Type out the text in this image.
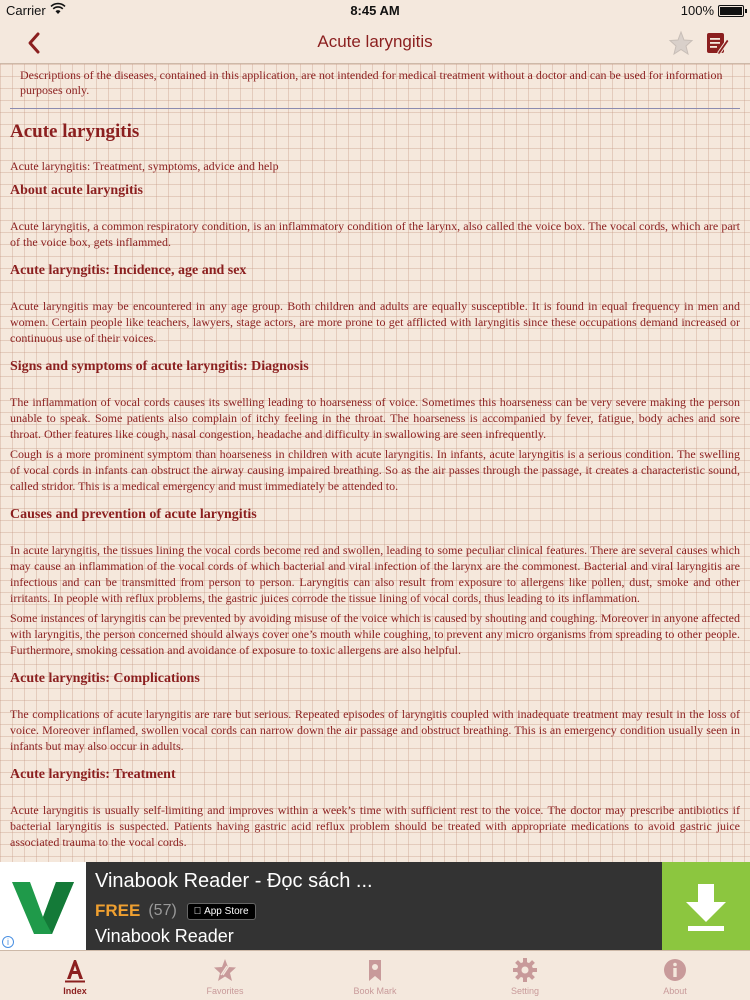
Carrier	8:45 AM	100%
Acute laryngitis

Descriptions of the diseases, contained in this application, are not intended for medical treatment without a doctor and can be used for information purposes only.

Acute laryngitis

Acute laryngitis: Treatment, symptoms, advice and help

About acute laryngitis

Acute laryngitis, a common respiratory condition, is an inflammatory condition of the larynx, also called the voice box. The vocal cords, which are part of the voice box, gets inflammed.

Acute laryngitis: Incidence, age and sex

Acute laryngitis may be encountered in any age group. Both children and adults are equally susceptible. It is found in equal frequency in men and women. Certain people like teachers, lawyers, stage actors, are more prone to get afflicted with laryngitis since these occupations demand increased or continuous use of their voices.

Signs and symptoms of acute laryngitis: Diagnosis

The inflammation of vocal cords causes its swelling leading to hoarseness of voice. Sometimes this hoarseness can be very severe making the person unable to speak. Some patients also complain of itchy feeling in the throat. The hoarseness is accompanied by fever, fatigue, body aches and sore throat. Other features like cough, nasal congestion, headache and difficulty in swallowing are seen infrequently.

Cough is a more prominent symptom than hoarseness in children with acute laryngitis. In infants, acute laryngitis is a serious condition. The swelling of vocal cords in infants can obstruct the airway causing impaired breathing. So as the air passes through the passage, it creates a characteristic sound, called stridor. This is a medical emergency and must immediately be attended to.

Causes and prevention of acute laryngitis

In acute laryngitis, the tissues lining the vocal cords become red and swollen, leading to some peculiar clinical features. There are several causes which may cause an inflammation of the vocal cords of which bacterial and viral infection of the larynx are the commonest. Bacterial and viral laryngitis are infectious and can be transmitted from person to person. Laryngitis can also result from exposure to allergens like pollen, dust, smoke and other irritants. In people with reflux problems, the gastric juices corrode the tissue lining of vocal cords, thus leading to its inflammation.

Some instances of laryngitis can be prevented by avoiding misuse of the voice which is caused by shouting and coughing. Moreover in anyone affected with laryngitis, the person concerned should always cover one’s mouth while coughing, to prevent any micro organisms from spreading to other people. Furthermore, smoking cessation and avoidance of exposure to toxic allergens are also helpful.

Acute laryngitis: Complications

The complications of acute laryngitis are rare but serious. Repeated episodes of laryngitis coupled with inadequate treatment may result in the loss of voice. Moreover inflamed, swollen vocal cords can narrow down the air passage and obstruct breathing. This is an emergency condition usually seen in infants but may also occur in adults.

Acute laryngitis: Treatment

Acute laryngitis is usually self-limiting and improves within a week’s time with sufficient rest to the voice. The doctor may prescribe antibiotics if bacterial laryngitis is suspected. Patients having gastric acid reflux problem should be treated with appropriate medications to avoid gastric juice associated trauma to the vocal cords.

Vinabook Reader - Đọc sách ...
FREE (57)	App Store
Vinabook Reader
i
Index	Favorites	Book Mark	Setting	About
